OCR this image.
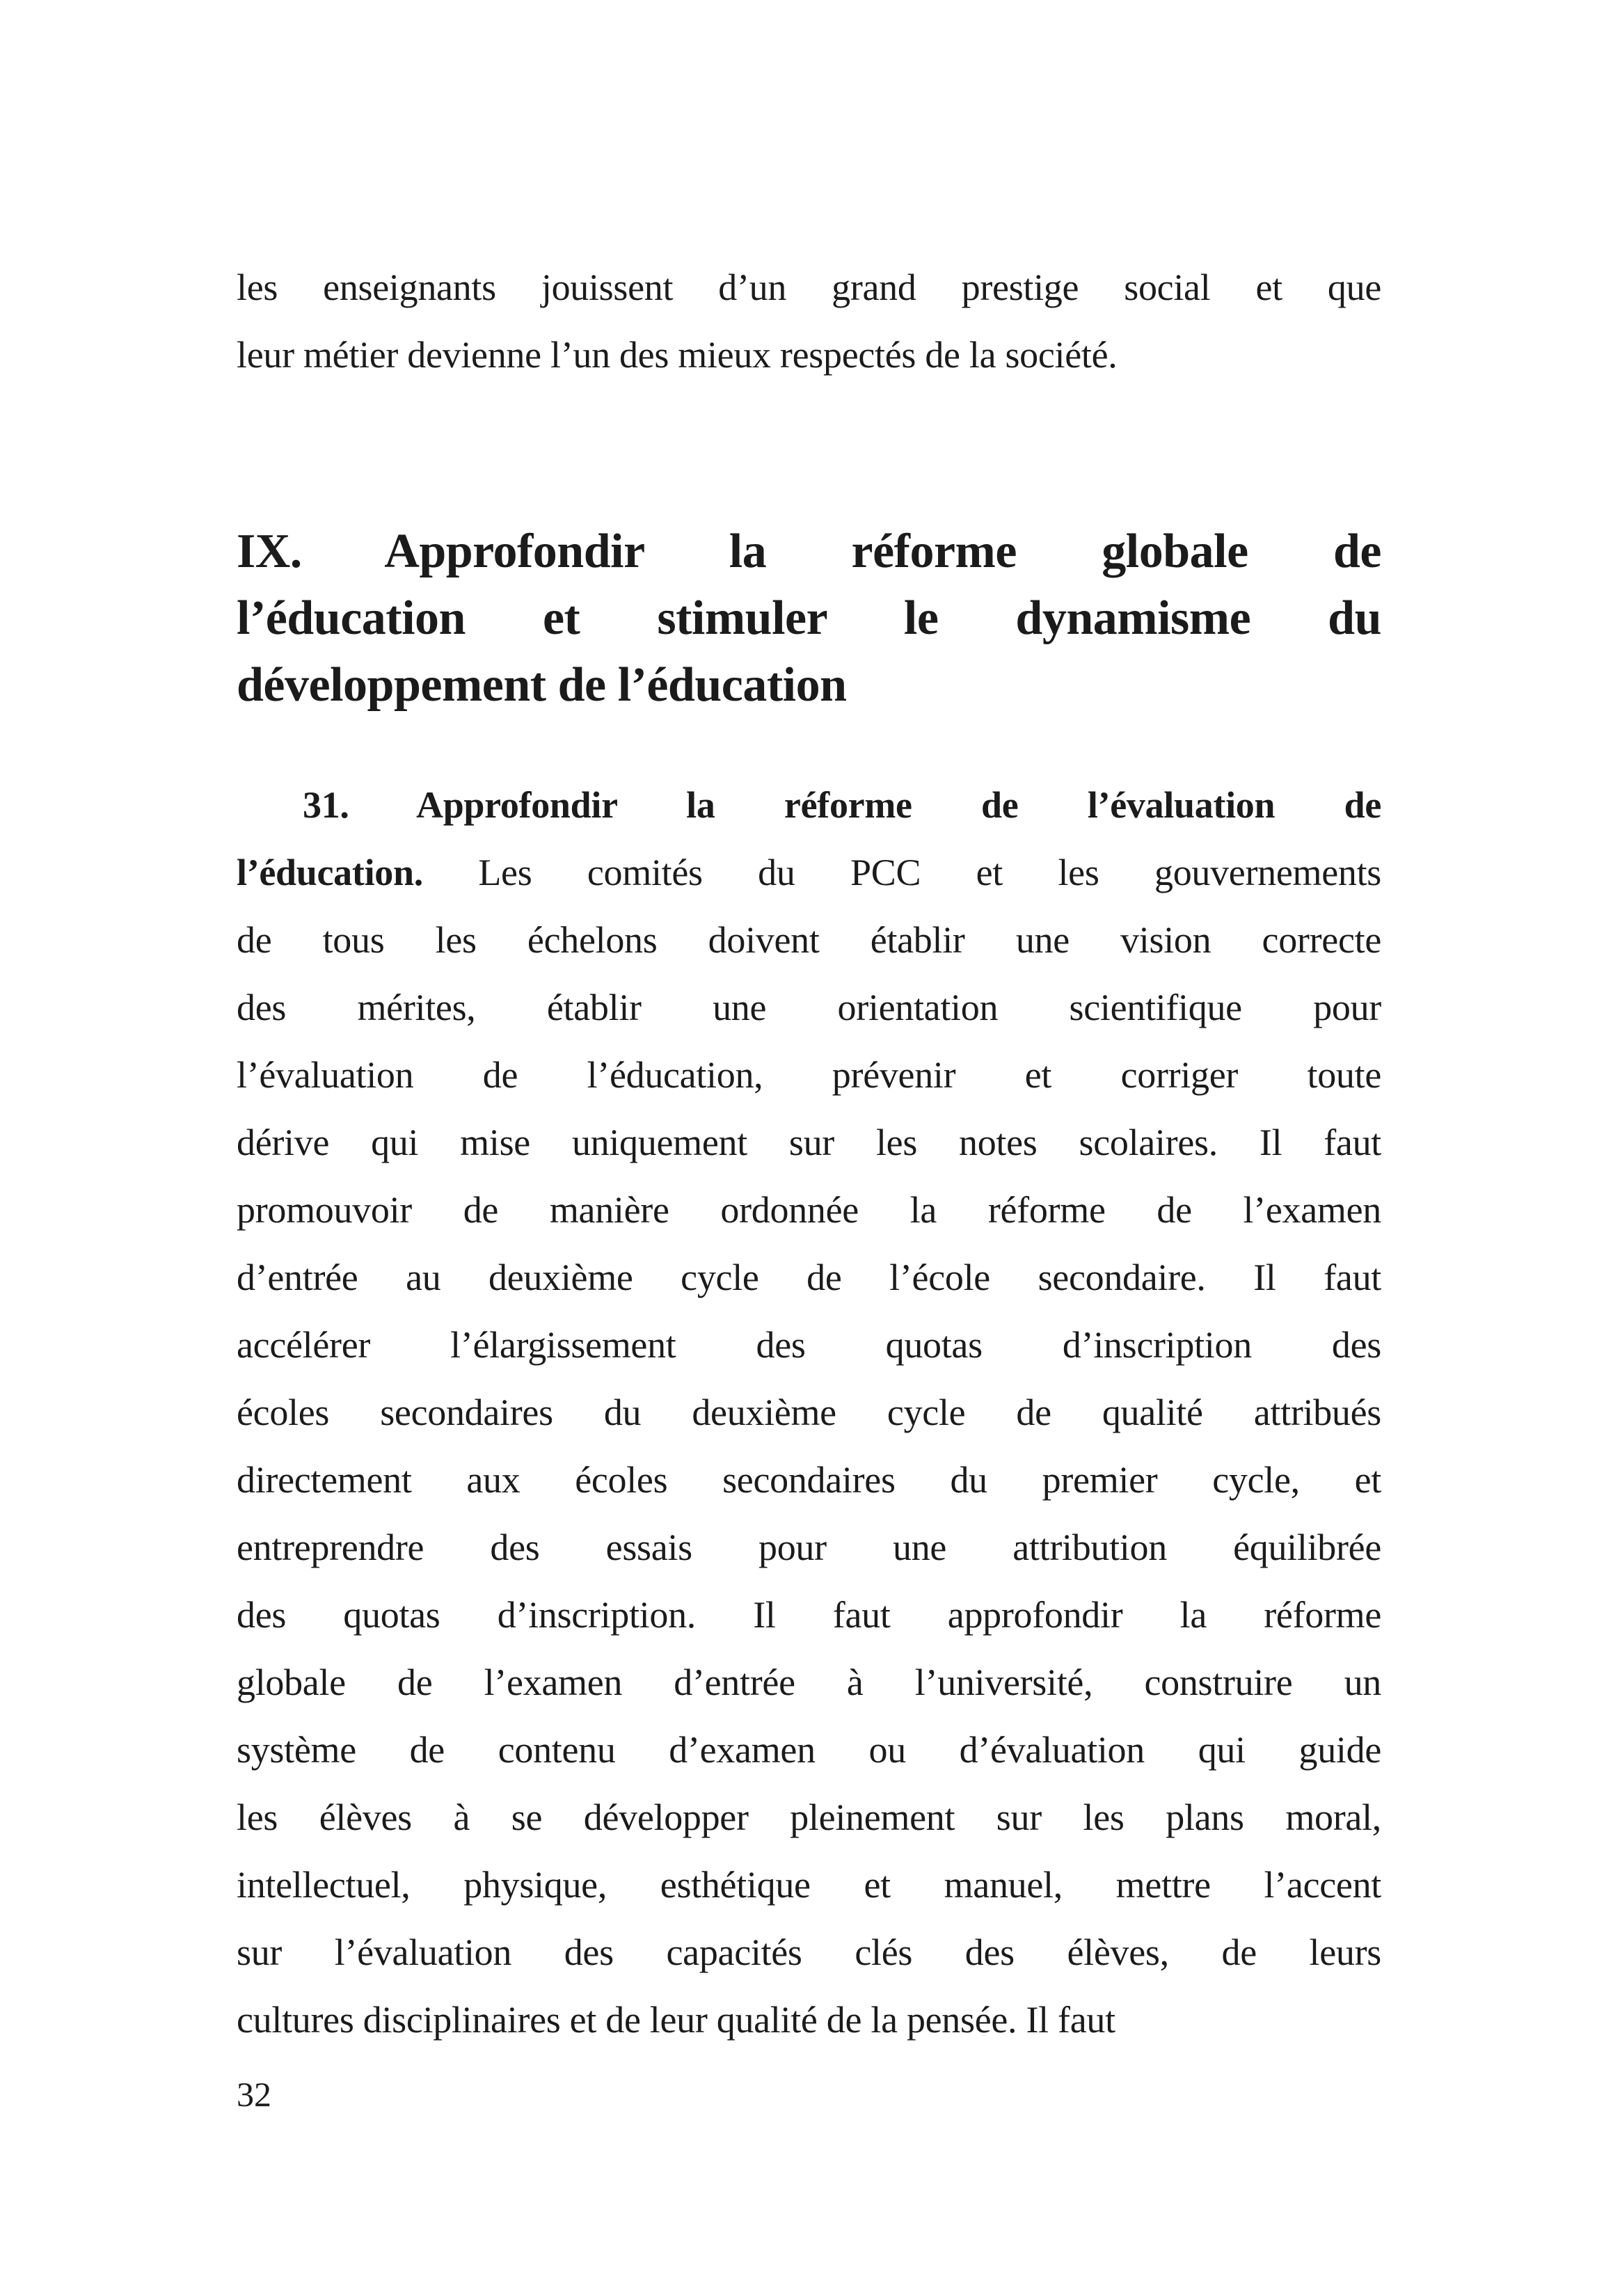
les enseignants jouissent d’un grand prestige social et que
leur métier devienne l’un des mieux respectés de la société.

IX. Approfondir la réforme globale de
l’éducation et stimuler le dynamisme du
développement de l’éducation

31. Approfondir la réforme de l’évaluation de
l’éducation. Les comités du PCC et les gouvernements
de tous les échelons doivent établir une vision correcte
des mérites, établir une orientation scientifique pour
l’évaluation de l’éducation, prévenir et corriger toute
dérive qui mise uniquement sur les notes scolaires. Il faut
promouvoir de manière ordonnée la réforme de l’examen
d’entrée au deuxième cycle de l’école secondaire. Il faut
accélérer l’élargissement des quotas d’inscription des
écoles secondaires du deuxième cycle de qualité attribués
directement aux écoles secondaires du premier cycle, et
entreprendre des essais pour une attribution équilibrée
des quotas d’inscription. Il faut approfondir la réforme
globale de l’examen d’entrée à l’université, construire un
système de contenu d’examen ou d’évaluation qui guide
les élèves à se développer pleinement sur les plans moral,
intellectuel, physique, esthétique et manuel, mettre l’accent
sur l’évaluation des capacités clés des élèves, de leurs
cultures disciplinaires et de leur qualité de la pensée. Il faut

32
